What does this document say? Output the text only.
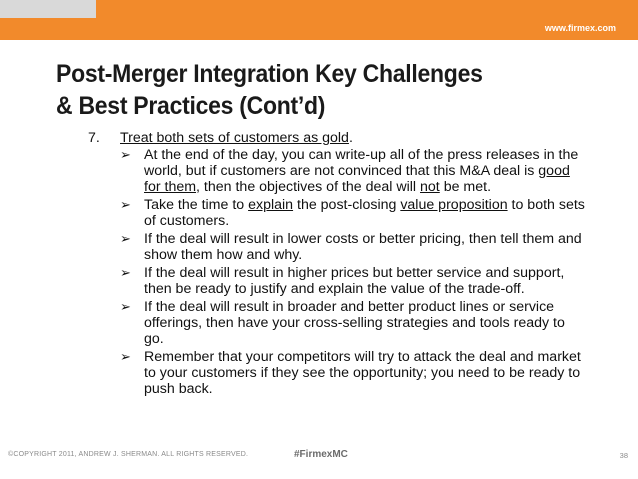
www.firmex.com
Post-Merger Integration Key Challenges
& Best Practices (Cont’d)
7.	Treat both sets of customers as gold.
➢ At the end of the day, you can write-up all of the press releases in the world, but if customers are not convinced that this M&A deal is good for them, then the objectives of the deal will not be met.
➢ Take the time to explain the post-closing value proposition to both sets of customers.
➢ If the deal will result in lower costs or better pricing, then tell them and show them how and why.
➢ If the deal will result in higher prices but better service and support, then be ready to justify and explain the value of the trade-off.
➢ If the deal will result in broader and better product lines or service offerings, then have your cross-selling strategies and tools ready to go.
➢ Remember that your competitors will try to attack the deal and market to your customers if they see the opportunity; you need to be ready to push back.
©COPYRIGHT 2011, ANDREW J. SHERMAN. ALL RIGHTS RESERVED.	#FirmexMC	38
